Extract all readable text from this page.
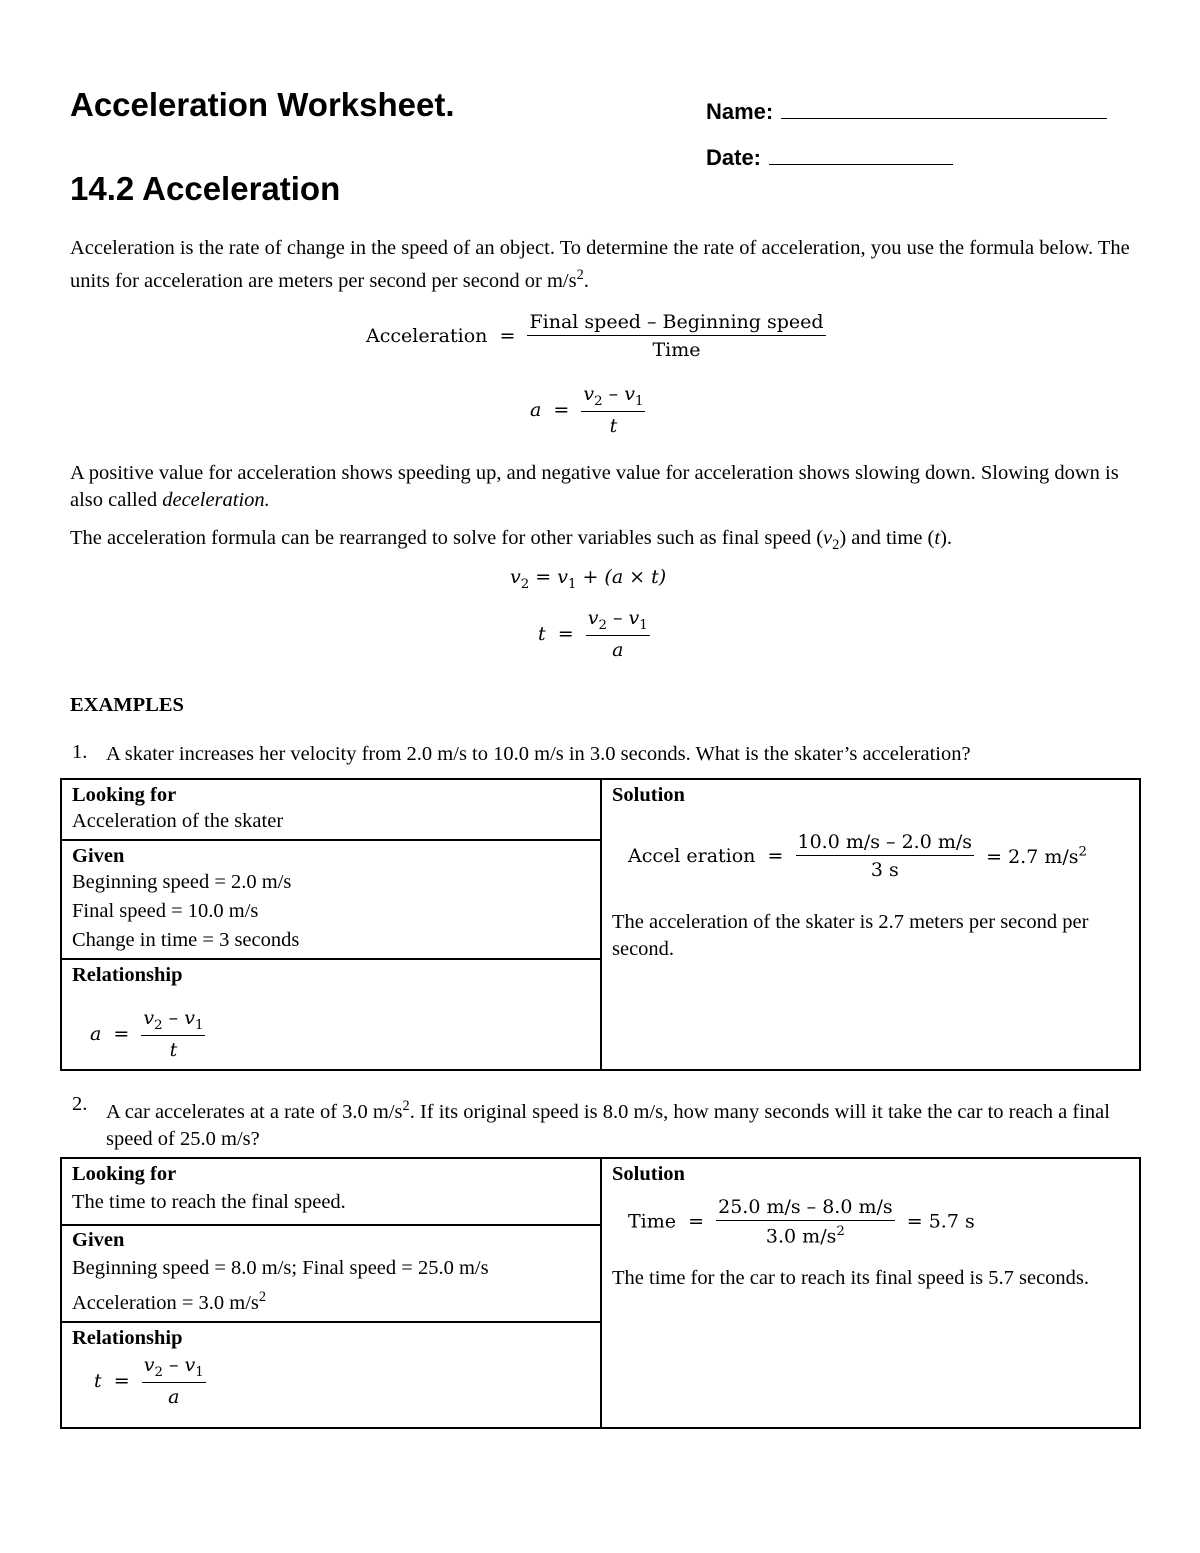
Acceleration Worksheet.	Name:
Date:
14.2 Acceleration
Acceleration is the rate of change in the speed of an object. To determine the rate of acceleration, you use the formula below. The units for acceleration are meters per second per second or $m/s^2$.
Acceleration  = $\frac{\text{Final speed – Beginning speed}}{\text{Time}}$
$a = \frac{v_2 - v_1}{t}$
A positive value for acceleration shows speeding up, and negative value for acceleration shows slowing down. Slowing down is also called deceleration.
The acceleration formula can be rearranged to solve for other variables such as final speed $(v_2)$ and time (t).
$v_2 = v_1 + (a \times t)$
$t = \frac{v_2 - v_1}{a}$
EXAMPLES
1. A skater increases her velocity from 2.0 m/s to 10.0 m/s in 3.0 seconds. What is the skater’s acceleration?
Looking for
Acceleration of the skater
Given
Beginning speed = 2.0 m/s
Final speed = 10.0 m/s
Change in time = 3 seconds
Relationship
$a = \frac{v_2 - v_1}{t}$
Solution
Accel eration  = $\frac{10.0 m/s - 2.0 m/s}{3 s} = 2.7$ $m/s^2$
The acceleration of the skater is 2.7 meters per second per second.
2. A car accelerates at a rate of 3.0 $m/s^2$. If its original speed is 8.0 m/s, how many seconds will it take the car to reach a final speed of 25.0 m/s?
Looking for
The time to reach the final speed.
Given
Beginning speed = 8.0 m/s; Final speed = 25.0 m/s
Acceleration = 3.0 $m/s^2$
Relationship
$t = \frac{v_2 - v_1}{a}$
Solution
Time  = $\frac{25.0 m/s - 8.0 m/s}{3.0 m/s^2} = 5.7$ s
The time for the car to reach its final speed is 5.7 seconds.
